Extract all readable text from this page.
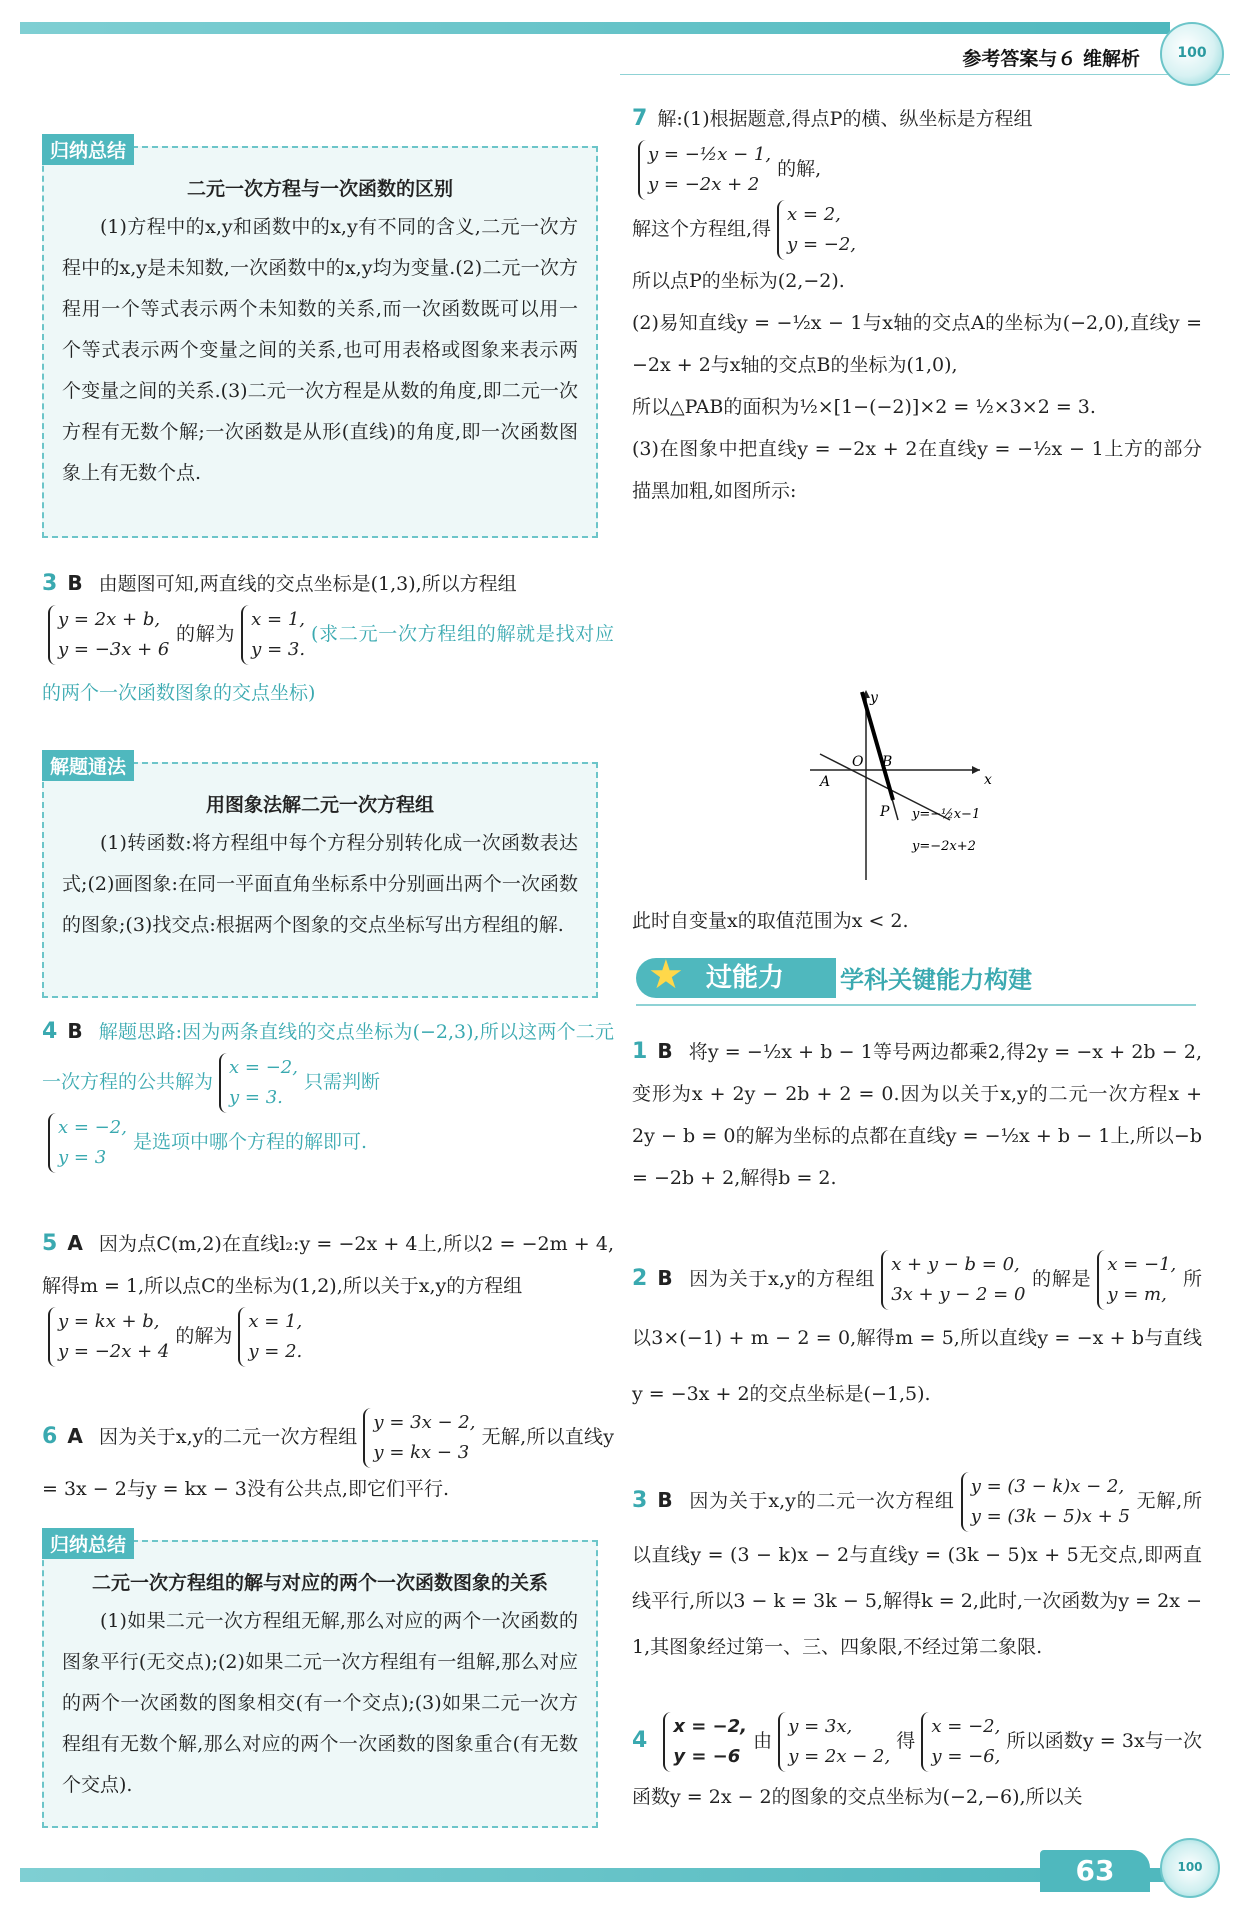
参考答案与６ 维解析	100
63	100
归纳总结
二元一次方程与一次函数的区别

(1)方程中的x,y和函数中的x,y有不同的含义,二元一次方程中的x,y是未知数,一次函数中的x,y均为变量.(2)二元一次方程用一个等式表示两个未知数的关系,而一次函数既可以用一个等式表示两个变量之间的关系,也可用表格或图象来表示两个变量之间的关系.(3)二元一次方程是从数的角度,即二元一次方程有无数个解;一次函数是从形(直线)的角度,即一次函数图象上有无数个点.

3 B 由题图可知,两直线的交点坐标是(1,3),所以方程组

y = 2x + b,
y = −3x + 6的解为x = 1,
y = 3.(求二元一次方程组的解就是找对应的两个一次函数图象的交点坐标)

解题通法
用图象法解二元一次方程组

(1)转函数:将方程组中每个方程分别转化成一次函数表达式;(2)画图象:在同一平面直角坐标系中分别画出两个一次函数的图象;(3)找交点:根据两个图象的交点坐标写出方程组的解.

4 B 解题思路:因为两条直线的交点坐标为(−2,3),所以这两个二元一次方程的公共解为x = −2,
y = 3.只需判断

x = −2,
y = 3是选项中哪个方程的解即可.

5 A 因为点C(m,2)在直线l₂:y = −2x + 4上,所以2 = −2m + 4,解得m = 1,所以点C的坐标为(1,2),所以关于x,y的方程组

y = kx + b,
y = −2x + 4的解为x = 1,
y = 2.

6 A 因为关于x,y的二元一次方程组y = 3x − 2,
y = kx − 3无解,所以直线y = 3x − 2与y = kx − 3没有公共点,即它们平行.

归纳总结
二元一次方程组的解与对应的两个一次函数图象的关系

(1)如果二元一次方程组无解,那么对应的两个一次函数的图象平行(无交点);(2)如果二元一次方程组有一组解,那么对应的两个一次函数的图象相交(有一个交点);(3)如果二元一次方程组有无数个解,那么对应的两个一次函数的图象重合(有无数个交点).

7 解:(1)根据题意,得点P的横、纵坐标是方程组

y = −½x − 1,
y = −2x + 2的解,

解这个方程组,得x = 2,
y = −2,

所以点P的坐标为(2,−2).

(2)易知直线y = −½x − 1与x轴的交点A的坐标为(−2,0),直线y = −2x + 2与x轴的交点B的坐标为(1,0),

所以△PAB的面积为½×[1−(−2)]×2 = ½×3×2 = 3.

(3)在图象中把直线y = −2x + 2在直线y = −½x − 1上方的部分描黑加粗,如图所示:

y
x
O
A
B
P y=−½x−1
y=−2x+2

此时自变量x的取值范围为x < 2.

过能力
★	学科关键能力构建

1 B 将y = −½x + b − 1等号两边都乘2,得2y = −x + 2b − 2,变形为x + 2y − 2b + 2 = 0.因为以关于x,y的二元一次方程x + 2y − b = 0的解为坐标的点都在直线y = −½x + b − 1上,所以−b = −2b + 2,解得b = 2.

2 B 因为关于x,y的方程组x + y − b = 0,
3x + y − 2 = 0的解是x = −1,
y = m,所以3×(−1) + m − 2 = 0,解得m = 5,所以直线y = −x + b与直线y = −3x + 2的交点坐标是(−1,5).

3 B 因为关于x,y的二元一次方程组y = (3 − k)x − 2,
y = (3k − 5)x + 5无解,所以直线y = (3 − k)x − 2与直线y = (3k − 5)x + 5无交点,即两直线平行,所以3 − k = 3k − 5,解得k = 2,此时,一次函数为y = 2x − 1,其图象经过第一、三、四象限,不经过第二象限.

4x = −2,
y = −6由y = 3x,
y = 2x − 2,得x = −2,
y = −6,所以函数y = 3x与一次函数y = 2x − 2的图象的交点坐标为(−2,−6),所以关
